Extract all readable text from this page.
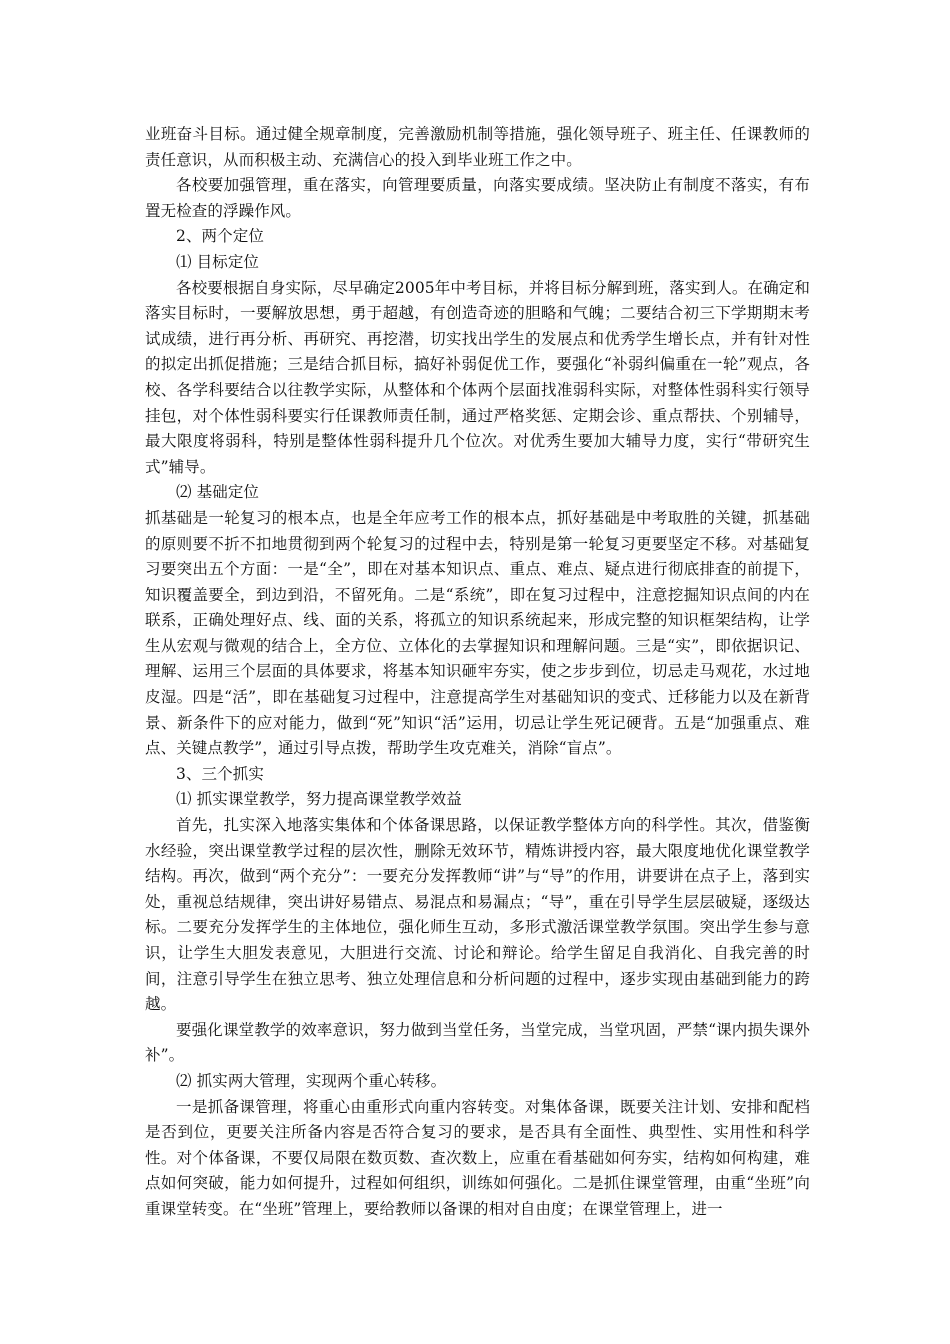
业班奋斗目标。通过健全规章制度，完善激励机制等措施，强化领导班子、班主任、任课教师的责任意识，从而积极主动、充满信心的投入到毕业班工作之中。

各校要加强管理，重在落实，向管理要质量，向落实要成绩。坚决防止有制度不落实，有布置无检查的浮躁作风。

2、两个定位

⑴ 目标定位

各校要根据自身实际，尽早确定2005年中考目标，并将目标分解到班，落实到人。在确定和落实目标时，一要解放思想，勇于超越，有创造奇迹的胆略和气魄；二要结合初三下学期期末考试成绩，进行再分析、再研究、再挖潜，切实找出学生的发展点和优秀学生增长点，并有针对性的拟定出抓促措施；三是结合抓目标，搞好补弱促优工作，要强化“补弱纠偏重在一轮”观点，各校、各学科要结合以往教学实际，从整体和个体两个层面找准弱科实际，对整体性弱科实行领导挂包，对个体性弱科要实行任课教师责任制，通过严格奖惩、定期会诊、重点帮扶、个别辅导，最大限度将弱科，特别是整体性弱科提升几个位次。对优秀生要加大辅导力度，实行“带研究生式”辅导。

⑵ 基础定位

抓基础是一轮复习的根本点，也是全年应考工作的根本点，抓好基础是中考取胜的关键，抓基础的原则要不折不扣地贯彻到两个轮复习的过程中去，特别是第一轮复习更要坚定不移。对基础复习要突出五个方面：一是“全”，即在对基本知识点、重点、难点、疑点进行彻底排查的前提下，知识覆盖要全，到边到沿，不留死角。二是“系统”，即在复习过程中，注意挖掘知识点间的内在联系，正确处理好点、线、面的关系，将孤立的知识系统起来，形成完整的知识框架结构，让学生从宏观与微观的结合上，全方位、立体化的去掌握知识和理解问题。三是“实”，即依据识记、理解、运用三个层面的具体要求，将基本知识砸牢夯实，使之步步到位，切忌走马观花，水过地皮湿。四是“活”，即在基础复习过程中，注意提高学生对基础知识的变式、迁移能力以及在新背景、新条件下的应对能力，做到“死”知识“活”运用，切忌让学生死记硬背。五是“加强重点、难点、关键点教学”，通过引导点拨，帮助学生攻克难关，消除“盲点”。

3、三个抓实

⑴ 抓实课堂教学，努力提高课堂教学效益

首先，扎实深入地落实集体和个体备课思路，以保证教学整体方向的科学性。其次，借鉴衡水经验，突出课堂教学过程的层次性，删除无效环节，精炼讲授内容，最大限度地优化课堂教学结构。再次，做到“两个充分”：一要充分发挥教师“讲”与“导”的作用，讲要讲在点子上，落到实处，重视总结规律，突出讲好易错点、易混点和易漏点；“导”，重在引导学生层层破疑，逐级达标。二要充分发挥学生的主体地位，强化师生互动，多形式激活课堂教学氛围。突出学生参与意识，让学生大胆发表意见，大胆进行交流、讨论和辩论。给学生留足自我消化、自我完善的时间，注意引导学生在独立思考、独立处理信息和分析问题的过程中，逐步实现由基础到能力的跨越。

要强化课堂教学的效率意识，努力做到当堂任务，当堂完成，当堂巩固，严禁“课内损失课外补”。

⑵ 抓实两大管理，实现两个重心转移。

一是抓备课管理，将重心由重形式向重内容转变。对集体备课，既要关注计划、安排和配档是否到位，更要关注所备内容是否符合复习的要求，是否具有全面性、典型性、实用性和科学性。对个体备课，不要仅局限在数页数、查次数上，应重在看基础如何夯实，结构如何构建，难点如何突破，能力如何提升，过程如何组织，训练如何强化。二是抓住课堂管理，由重“坐班”向重课堂转变。在“坐班”管理上，要给教师以备课的相对自由度；在课堂管理上，进一
